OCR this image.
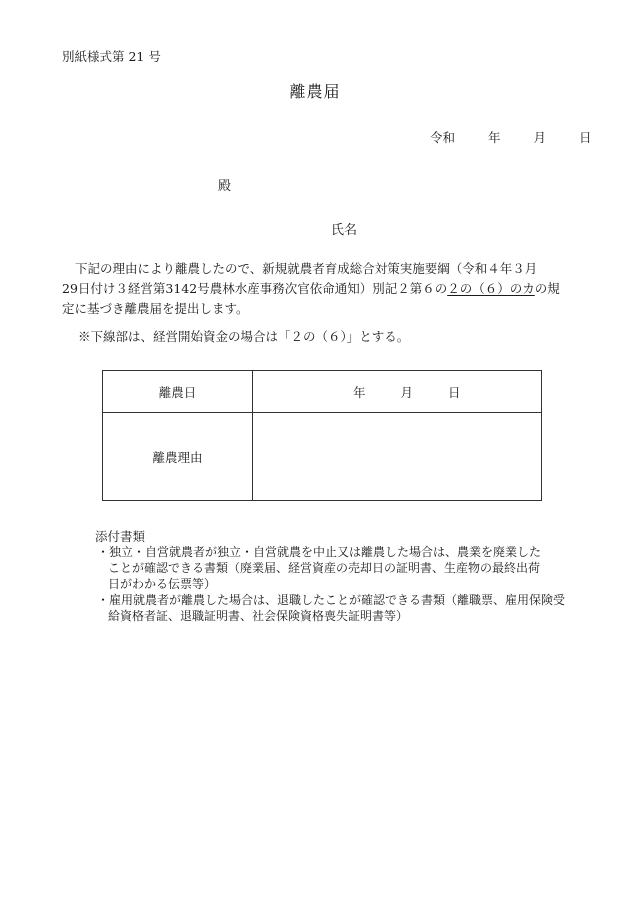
別紙様式第 21 号
離農届
令和	年	月	日
殿
氏名
下記の理由により離農したので、新規就農者育成総合対策実施要綱（令和４年３月
29日付け３経営第3142号農林水産事務次官依命通知）別記２第６の２の（６）のカの規
定に基づき離農届を提出します。
※下線部は、経営開始資金の場合は「２の（６）」とする。
離農日	年 月 日
離農理由	
添付書類
・独立・自営就農者が独立・自営就農を中止又は離農した場合は、農業を廃業した
ことが確認できる書類（廃業届、経営資産の売却日の証明書、生産物の最終出荷
日がわかる伝票等）
・雇用就農者が離農した場合は、退職したことが確認できる書類（離職票、雇用保険受
給資格者証、退職証明書、社会保険資格喪失証明書等）
